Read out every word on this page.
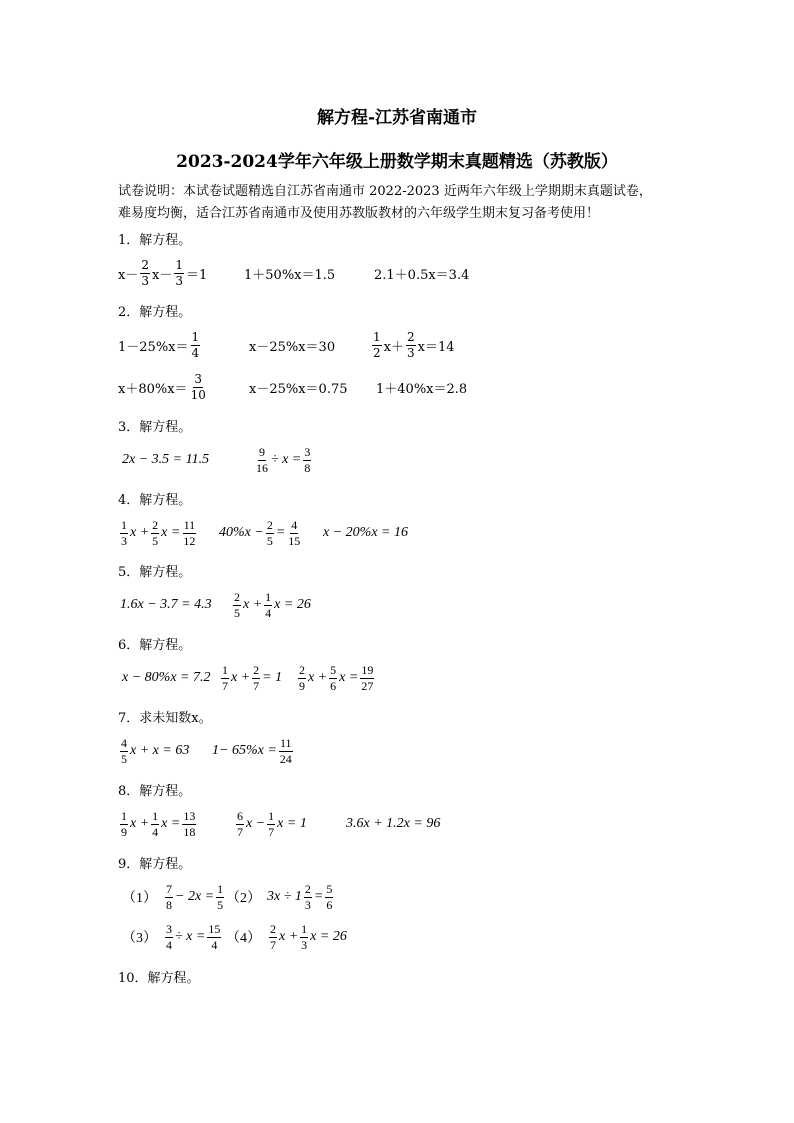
解方程-江苏省南通市
2023-2024学年六年级上册数学期末真题精选（苏教版）
试卷说明：本试卷试题精选自江苏省南通市 2022-2023 近两年六年级上学期期末真题试卷，
难易度均衡，适合江苏省南通市及使用苏教版教材的六年级学生期末复习备考使用！
1．解方程。
$x- \frac{2}{3} x- \frac{1}{3} =1$	1＋50%x＝1.5	2.1＋0.5x＝3.4
2．解方程。
$1-25\%x= \frac{1}{4}$	x－25%x＝30	$\frac{1}{2} x+ \frac{2}{3} x=14$
$x+80\%x= \frac{3}{10}$	x－25%x＝0.75 1＋40%x＝2.8
3．解方程。
2x − 3.5 = 11.5	$\frac{9}{16} \div x = \frac{3}{8}$
4．解方程。
$\frac{1}{3}$ $x + \frac{2}{5}$ $x = \frac{11}{12} 40\%x - \frac{2}{5} = \frac{4}{15}$ x − 20%x = 16
5．解方程。
$1.6x - 3.7 = 4.3 \frac{2}{5}$ $x + \frac{1}{4}$ x = 26
6．解方程。
$x - 80\%x = 7.2 \frac{1}{7}$ $x + \frac{2}{7} = 1 \frac{2}{9}$ $x + \frac{5}{6}$ $x = \frac{19}{27}$
7．求未知数x。
$\frac{4}{5}$ x + x = 63 $1- 65\%x = \frac{11}{24}$
8．解方程。
$\frac{1}{9}$ $x + \frac{1}{4}$ $x = \frac{13}{18}$	$\frac{6}{7}$ $x - \frac{1}{7}$ x = 1	3.6x + 1.2x = 96
9．解方程。
$(1) \frac{7}{8} - 2x = \frac{1}{5} (2) 3x \div 1 \frac{2}{3} = \frac{5}{6}$
$(3) \frac{3}{4} \div x = \frac{15}{4} (4) \frac{2}{7}$ $x + \frac{1}{3}$ x = 26
10．解方程。
